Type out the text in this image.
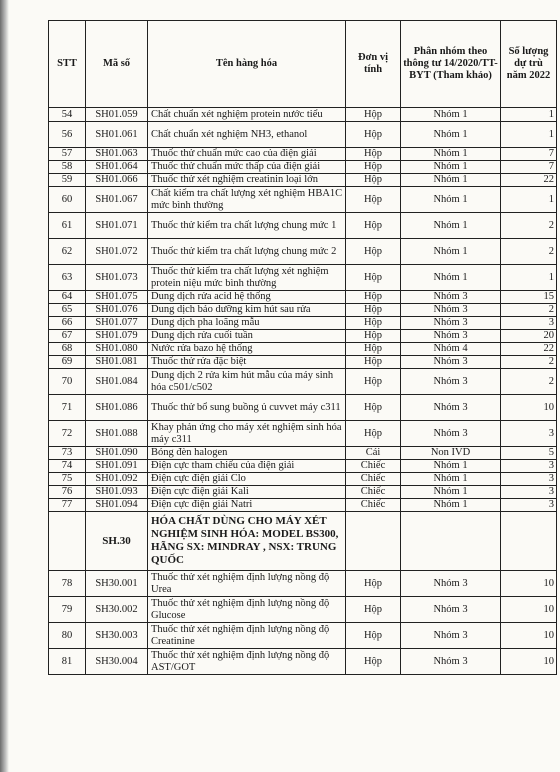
STT	Mã số	Tên hàng hóa	Đơn vị tính	Phân nhóm theo thông tư 14/2020/TT-BYT (Tham khảo)	Số lượng dự trù năm 2022
54	SH01.059	Chất chuẩn xét nghiệm protein nước tiểu	Hộp	Nhóm 1	1
56	SH01.061	Chất chuẩn xét nghiệm NH3, ethanol	Hộp	Nhóm 1	1
57	SH01.063	Thuốc thử chuẩn mức cao của điện giải	Hộp	Nhóm 1	7
58	SH01.064	Thuốc thử chuẩn mức thấp của điện giải	Hộp	Nhóm 1	7
59	SH01.066	Thuốc thử xét nghiệm creatinin loại lớn	Hộp	Nhóm 1	22
60	SH01.067	Chất kiểm tra chất lượng xét nghiệm HBA1C mức bình thường	Hộp	Nhóm 1	1
61	SH01.071	Thuốc thử kiểm tra chất lượng chung mức 1	Hộp	Nhóm 1	2
62	SH01.072	Thuốc thử kiểm tra chất lượng chung mức 2	Hộp	Nhóm 1	2
63	SH01.073	Thuốc thử kiểm tra chất lượng xét nghiệm protein niệu mức bình thường	Hộp	Nhóm 1	1
64	SH01.075	Dung dịch rửa acid hệ thống	Hộp	Nhóm 3	15
65	SH01.076	Dung dịch bảo dưỡng kim hút sau rửa	Hộp	Nhóm 3	2
66	SH01.077	Dung dịch pha loãng mẫu	Hộp	Nhóm 3	3
67	SH01.079	Dung dịch rửa cuối tuần	Hộp	Nhóm 3	20
68	SH01.080	Nước rửa bazo hệ thống	Hộp	Nhóm 4	22
69	SH01.081	Thuốc thử rửa đặc biệt	Hộp	Nhóm 3	2
70	SH01.084	Dung dịch 2 rửa kim hút mẫu của máy sinh hóa c501/c502	Hộp	Nhóm 3	2
71	SH01.086	Thuốc thử bổ sung buồng ủ cuvvet máy c311	Hộp	Nhóm 3	10
72	SH01.088	Khay phản ứng cho máy xét nghiệm sinh hóa máy c311	Hộp	Nhóm 3	3
73	SH01.090	Bóng đèn halogen	Cái	Non IVD	5
74	SH01.091	Điện cực tham chiếu của điện giải	Chiếc	Nhóm 1	3
75	SH01.092	Điện cực điện giải Clo	Chiếc	Nhóm 1	3
76	SH01.093	Điện cực điện giải Kali	Chiếc	Nhóm 1	3
77	SH01.094	Điện cực điện giải Natri	Chiếc	Nhóm 1	3
	SH.30	HÓA CHẤT DÙNG CHO MÁY XÉT NGHIỆM SINH HÓA: MODEL BS300, HÃNG SX: MINDRAY , NSX: TRUNG QUỐC			
78	SH30.001	Thuốc thử xét nghiệm định lượng nồng độ Urea	Hộp	Nhóm 3	10
79	SH30.002	Thuốc thử xét nghiệm định lượng nồng độ Glucose	Hộp	Nhóm 3	10
80	SH30.003	Thuốc thử xét nghiệm định lượng nồng độ Creatinine	Hộp	Nhóm 3	10
81	SH30.004	Thuốc thử xét nghiệm định lượng nồng độ AST/GOT	Hộp	Nhóm 3	10
